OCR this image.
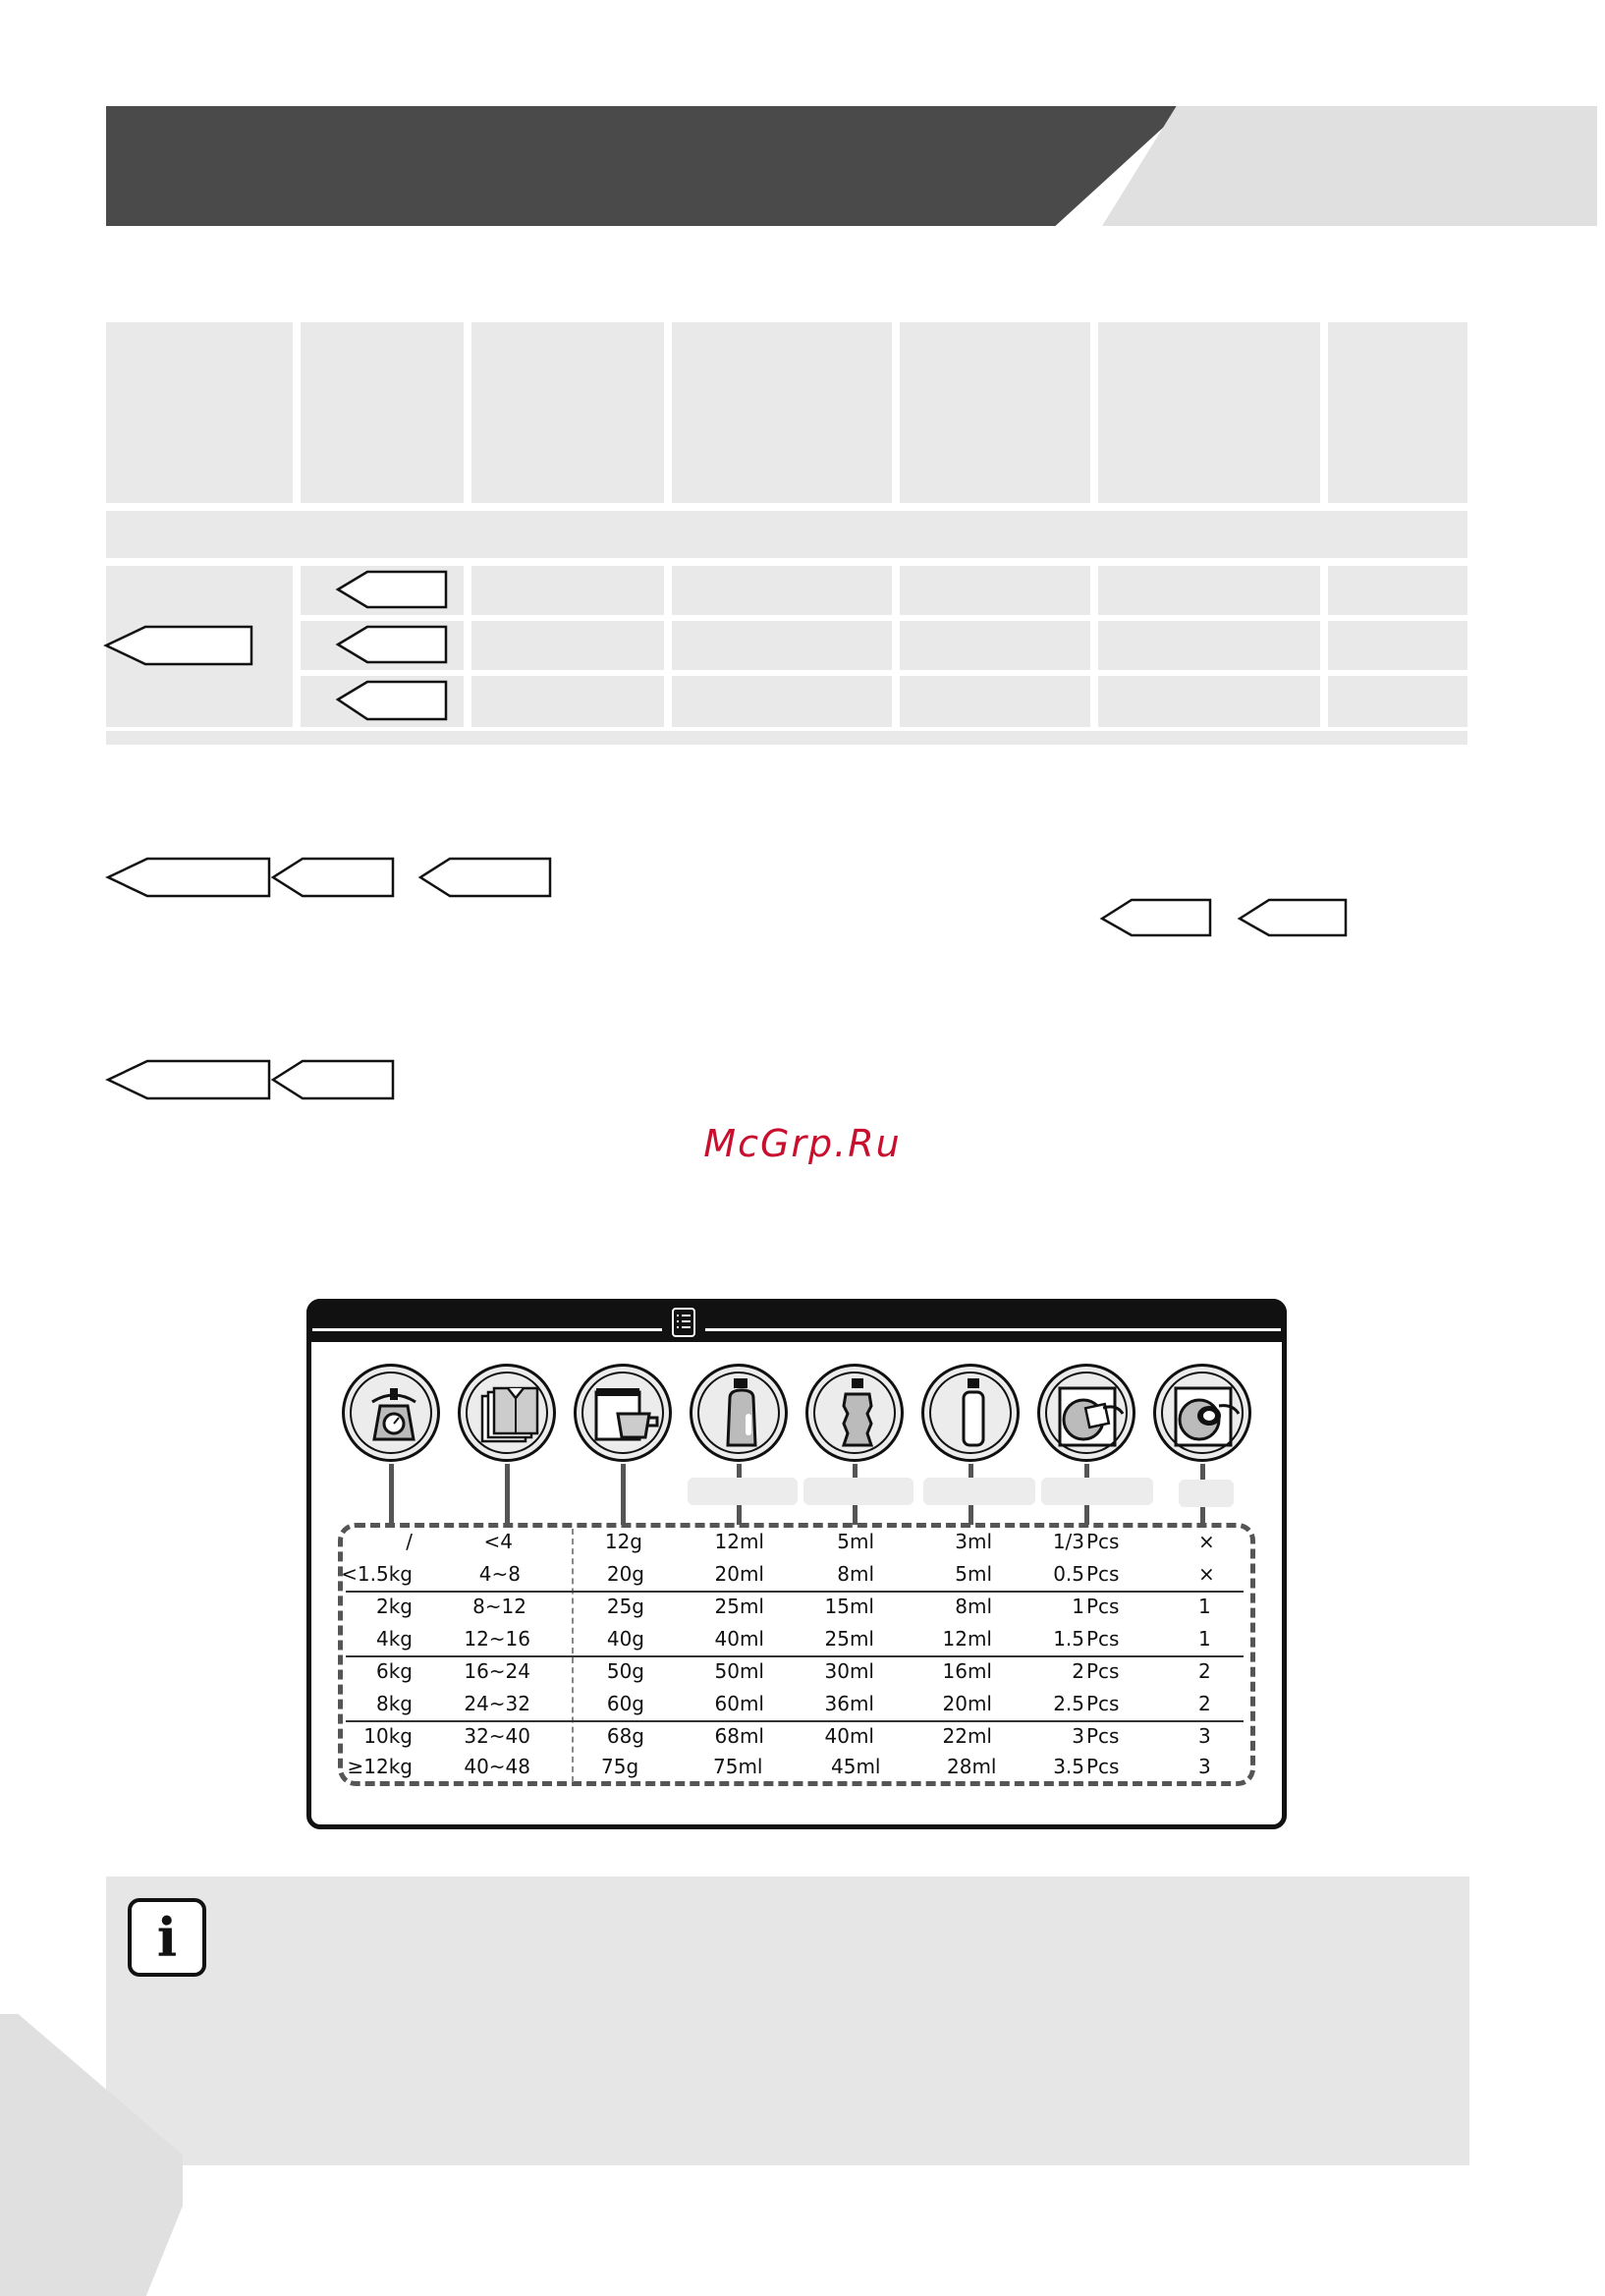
McGrp.Ru
/	<4	12g	12ml	5ml	3ml	1/3 Pcs	×
<1.5kg	4~8	20g	20ml	8ml	5ml	0.5 Pcs	×
2kg	8~12	25g	25ml	15ml	8ml	1 Pcs	1
4kg	12~16	40g	40ml	25ml	12ml	1.5 Pcs	1
6kg	16~24	50g	50ml	30ml	16ml	2 Pcs	2
8kg	24~32	60g	60ml	36ml	20ml	2.5 Pcs	2
10kg	32~40	68g	68ml	40ml	22ml	3 Pcs	3
≥12kg	40~48	75g	75ml	45ml	28ml	3.5 Pcs	3
i
